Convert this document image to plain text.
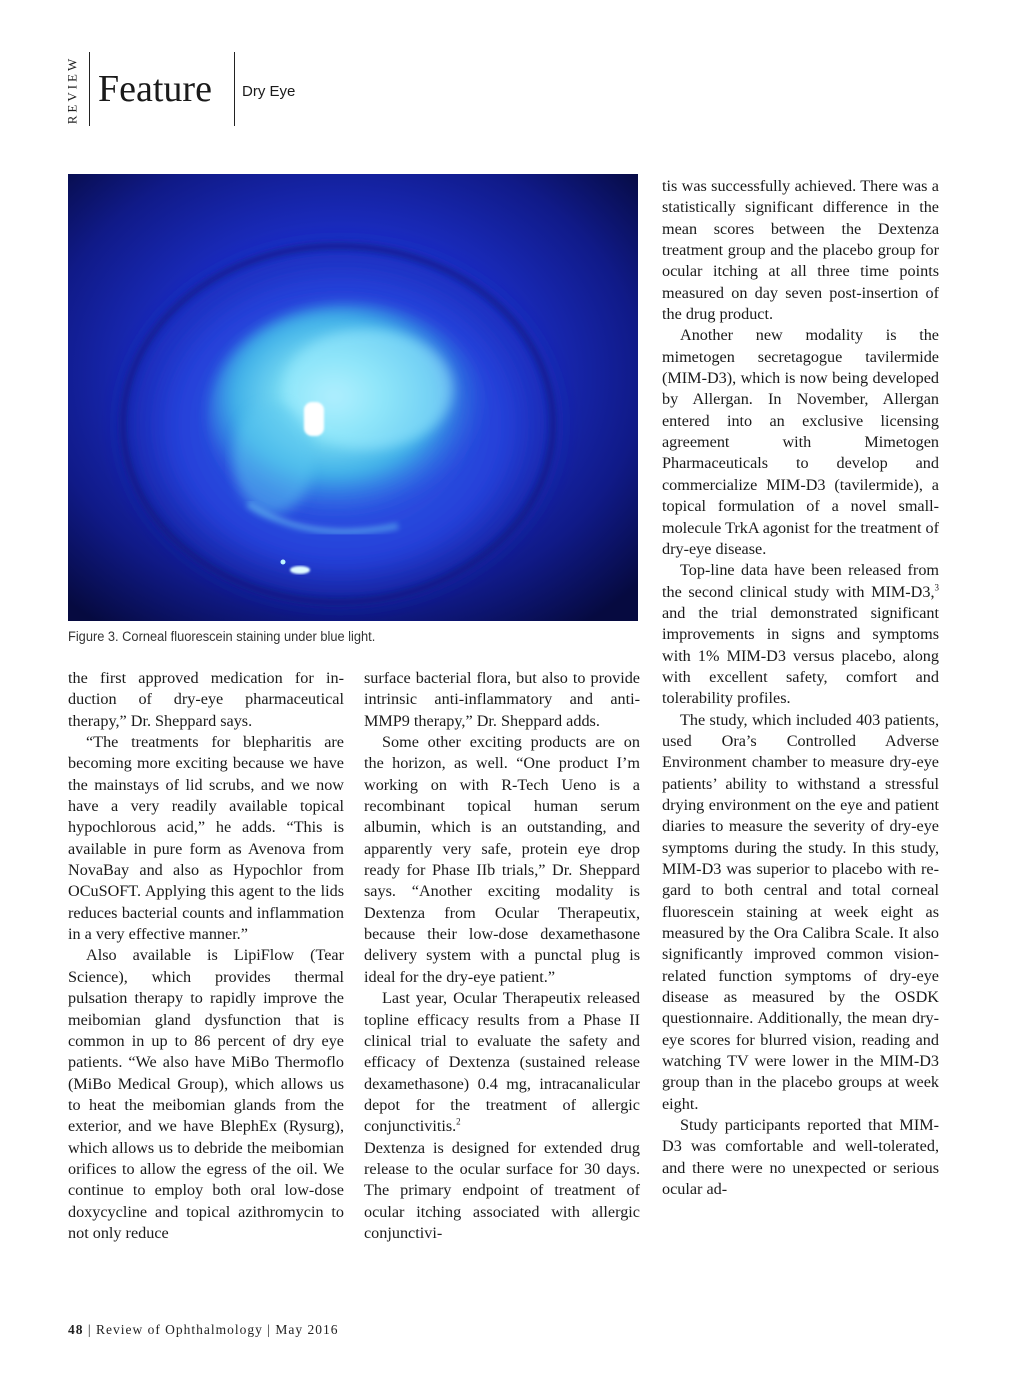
REVIEW Feature Dry Eye
Figure 3. Corneal fluorescein staining under blue light.

the first approved medication for induction of dry-eye pharmaceutical therapy,” Dr. Sheppard says.

“The treatments for blepharitis are becoming more exciting because we have the mainstays of lid scrubs, and we now have a very readily available topical hypochlorous acid,” he adds. “This is available in pure form as Avenova from NovaBay and also as Hypochlor from OCuSOFT. Applying this agent to the lids reduces bacterial counts and inflammation in a very effective manner.”

Also available is LipiFlow (Tear Science), which provides thermal pulsation therapy to rapidly improve the meibomian gland dysfunction that is common in up to 86 percent of dry eye patients. “We also have MiBo Thermoflo (MiBo Medical Group), which allows us to heat the meibomian glands from the exterior, and we have BlephEx (Rysurg), which allows us to debride the meibomian orifices to allow the egress of the oil. We continue to employ both oral low-dose doxycycline and topical azithromycin to not only reduce

surface bacterial flora, but also to provide intrinsic anti-inflammatory and anti-MMP9 therapy,” Dr. Sheppard adds.

Some other exciting products are on the horizon, as well. “One product I’m working on with R-Tech Ueno is a recombinant topical human serum albumin, which is an outstanding, and apparently very safe, protein eye drop ready for Phase IIb trials,” Dr. Sheppard says. “Another exciting modality is Dextenza from Ocular Therapeutix, because their low-dose dexamethasone delivery system with a punctal plug is ideal for the dry-eye patient.”

Last year, Ocular Therapeutix released topline efficacy results from a Phase II clinical trial to evaluate the safety and efficacy of Dextenza (sustained release dexamethasone) 0.4 mg, intracanalicular depot for the treatment of allergic conjunctivitis.$^2$

Dextenza is designed for extended drug release to the ocular surface for 30 days. The primary endpoint of treatment of ocular itching associated with allergic conjunctivi-

tis was successfully achieved. There was a statistically significant difference in the mean scores between the Dextenza treatment group and the placebo group for ocular itching at all three time points measured on day seven post-insertion of the drug product.

Another new modality is the mimetogen secretagogue tavilermide (MIM-D3), which is now being developed by Allergan. In November, Allergan entered into an exclusive licensing agreement with Mimetogen Pharmaceuticals to develop and commercialize MIM-D3 (tavilermide), a topical formulation of a novel small-molecule TrkA agonist for the treatment of dry-eye disease.

Top-line data have been released from the second clinical study with MIM-D3,$^3$ and the trial demonstrated significant improvements in signs and symptoms with 1% MIM-D3 versus placebo, along with excellent safety, comfort and tolerability profiles.

The study, which included 403 patients, used Ora’s Controlled Adverse Environment chamber to measure dry-eye patients’ ability to withstand a stressful drying environment on the eye and patient diaries to measure the severity of dry-eye symptoms during the study. In this study, MIM-D3 was superior to placebo with regard to both central and total corneal fluorescein staining at week eight as measured by the Ora Calibra Scale. It also significantly improved common vision-related function symptoms of dry-eye disease as measured by the OSDK questionnaire. Additionally, the mean dry-eye scores for blurred vision, reading and watching TV were lower in the MIM-D3 group than in the placebo groups at week eight.

Study participants reported that MIM-D3 was comfortable and well-tolerated, and there were no unexpected or serious ocular ad-

48 | Review of Ophthalmology | May 2016
